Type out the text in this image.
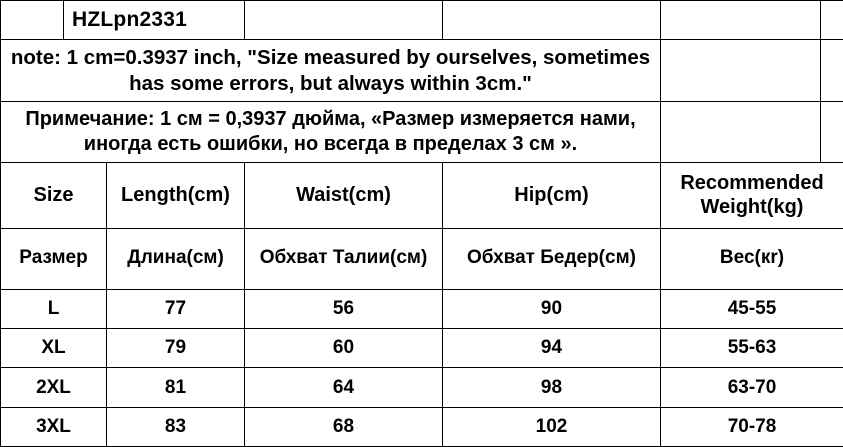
	HZLpn2331					
note: 1 cm=0.3937 inch, "Size measured by ourselves, sometimes has some errors, but always within 3cm."						
Примечание: 1 см = 0,3937 дюйма, «Размер измеряется нами, иногда есть ошибки, но всегда в пределах 3 см ».						
Size		Length(cm)	Waist(cm)	Hip(cm)	Recommended Weight(kg)	
Размер		Длина(см)	Обхват Талии(см)	Обхват Бедер(см)	Вес(кr)	
L		77	56	90	45-55	
XL		79	60	94	55-63	
2XL		81	64	98	63-70	
3XL		83	68	102	70-78	
